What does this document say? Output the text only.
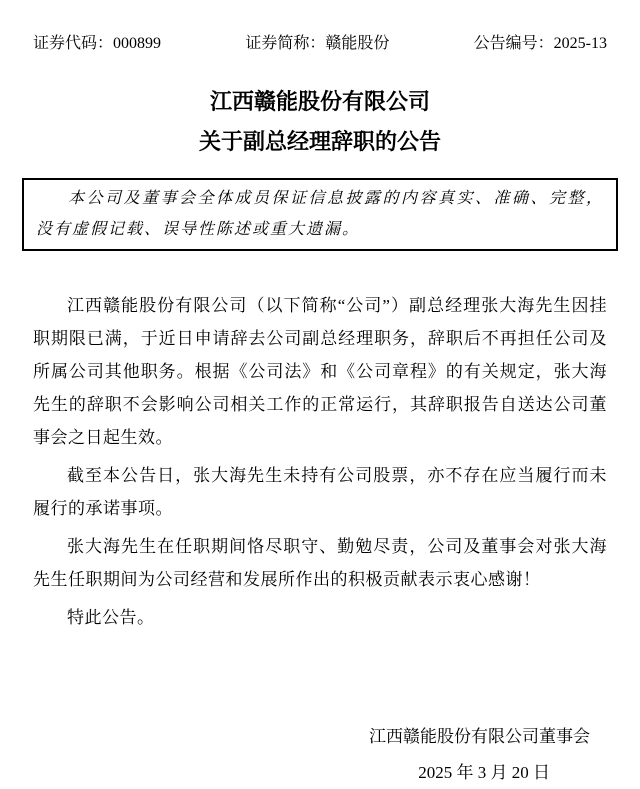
证券代码：000899	证券简称：赣能股份	公告编号：2025-13
江西赣能股份有限公司
关于副总经理辞职的公告

本公司及董事会全体成员保证信息披露的内容真实、准确、完整，没有虚假记载、误导性陈述或重大遗漏。

江西赣能股份有限公司（以下简称“公司”）副总经理张大海先生因挂职期限已满，于近日申请辞去公司副总经理职务，辞职后不再担任公司及所属公司其他职务。根据《公司法》和《公司章程》的有关规定，张大海先生的辞职不会影响公司相关工作的正常运行，其辞职报告自送达公司董事会之日起生效。

截至本公告日，张大海先生未持有公司股票，亦不存在应当履行而未履行的承诺事项。

张大海先生在任职期间恪尽职守、勤勉尽责，公司及董事会对张大海先生任职期间为公司经营和发展所作出的积极贡献表示衷心感谢！

特此公告。

江西赣能股份有限公司董事会
2025 年 3 月 20 日
